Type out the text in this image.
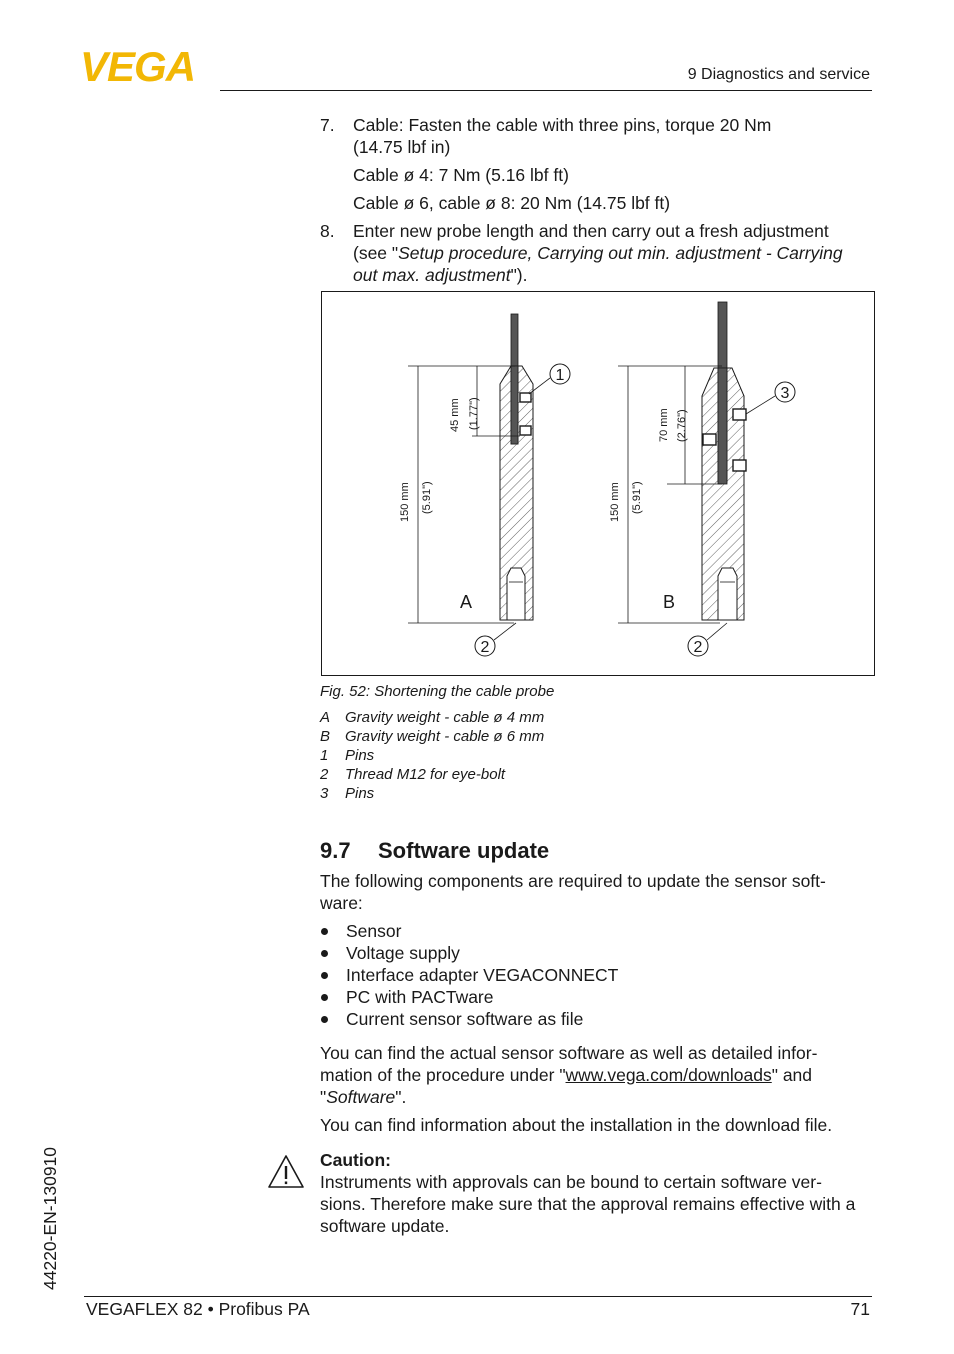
VEGA	9 Diagnostics and service
7. Cable: Fasten the cable with three pins, torque 20 Nm
(14.75 lbf in)
Cable ø 4: 7 Nm (5.16 lbf ft)
Cable ø 6, cable ø 8: 20 Nm (14.75 lbf ft)
8. Enter new probe length and then carry out a fresh adjustment
(see "Setup procedure, Carrying out min. adjustment - Carrying
out max. adjustment").
150 mm (5.91")
45 mm (1.77")
150 mm (5.91")
70 mm (2.76")
A	B
1
2
3
2
Fig. 52: Shortening the cable probe
A Gravity weight - cable ø 4 mm
B Gravity weight - cable ø 6 mm
1 Pins
2 Thread M12 for eye-bolt
3 Pins
9.7 Software update
The following components are required to update the sensor soft-
ware:
Sensor
Voltage supply
Interface adapter VEGACONNECT
PC with PACTware
Current sensor software as file
You can find the actual sensor software as well as detailed infor-
mation of the procedure under "www.vega.com/downloads" and
"Software".
You can find information about the installation in the download file.
Caution:
Instruments with approvals can be bound to certain software ver-
sions. Therefore make sure that the approval remains effective with a
software update.
44220-EN-130910
VEGAFLEX 82 • Profibus PA	71
